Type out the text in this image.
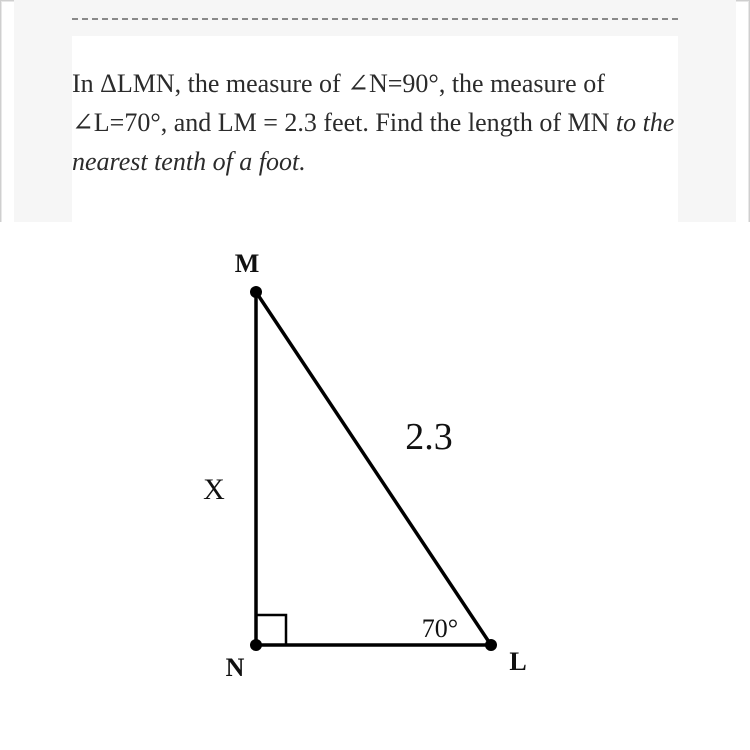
In ΔLMN, the measure of ∠N=90°, the measure of ∠L=70°, and LM = 2.3 feet. Find the length of MN to the nearest tenth of a foot.
M
N	L
X
2.3
70°
